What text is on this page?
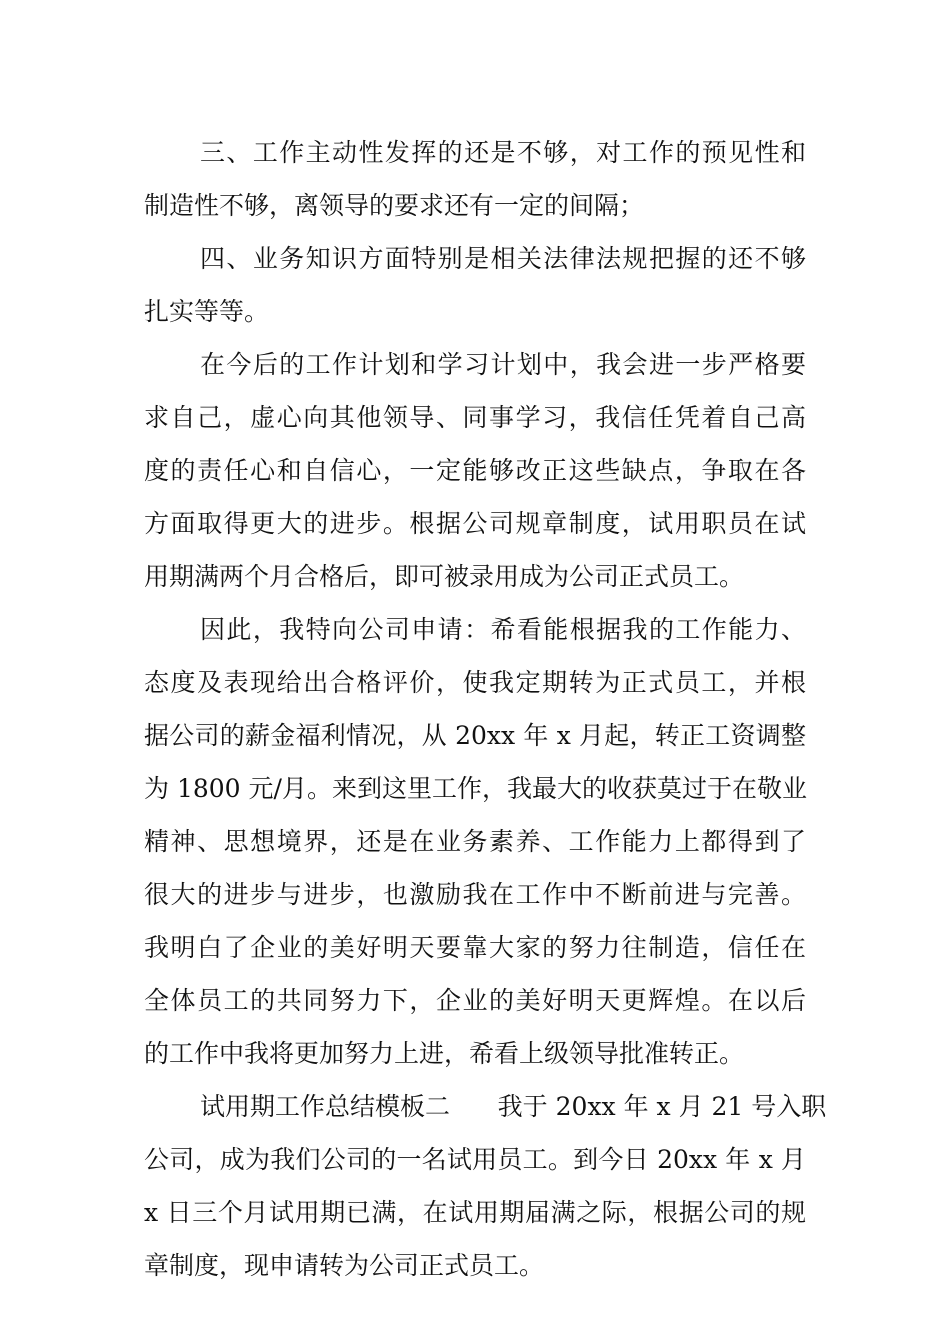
三、工作主动性发挥的还是不够，对工作的预见性和
制造性不够，离领导的要求还有一定的间隔；
四、业务知识方面特别是相关法律法规把握的还不够
扎实等等。
在今后的工作计划和学习计划中，我会进一步严格要
求自己，虚心向其他领导、同事学习，我信任凭着自己高
度的责任心和自信心，一定能够改正这些缺点，争取在各
方面取得更大的进步。根据公司规章制度，试用职员在试
用期满两个月合格后，即可被录用成为公司正式员工。
因此，我特向公司申请：希看能根据我的工作能力、
态度及表现给出合格评价，使我定期转为正式员工，并根
据公司的薪金福利情况，从 20xx 年 x 月起，转正工资调整
为 1800 元/月。来到这里工作，我最大的收获莫过于在敬业
精神、思想境界，还是在业务素养、工作能力上都得到了
很大的进步与进步，也激励我在工作中不断前进与完善。
我明白了企业的美好明天要靠大家的努力往制造，信任在
全体员工的共同努力下，企业的美好明天更辉煌。在以后
的工作中我将更加努力上进，希看上级领导批准转正。
试用期工作总结模板二      我于 20xx 年 x 月 21 号入职
公司，成为我们公司的一名试用员工。到今日 20xx 年 x 月
x 日三个月试用期已满，在试用期届满之际，根据公司的规
章制度，现申请转为公司正式员工。
